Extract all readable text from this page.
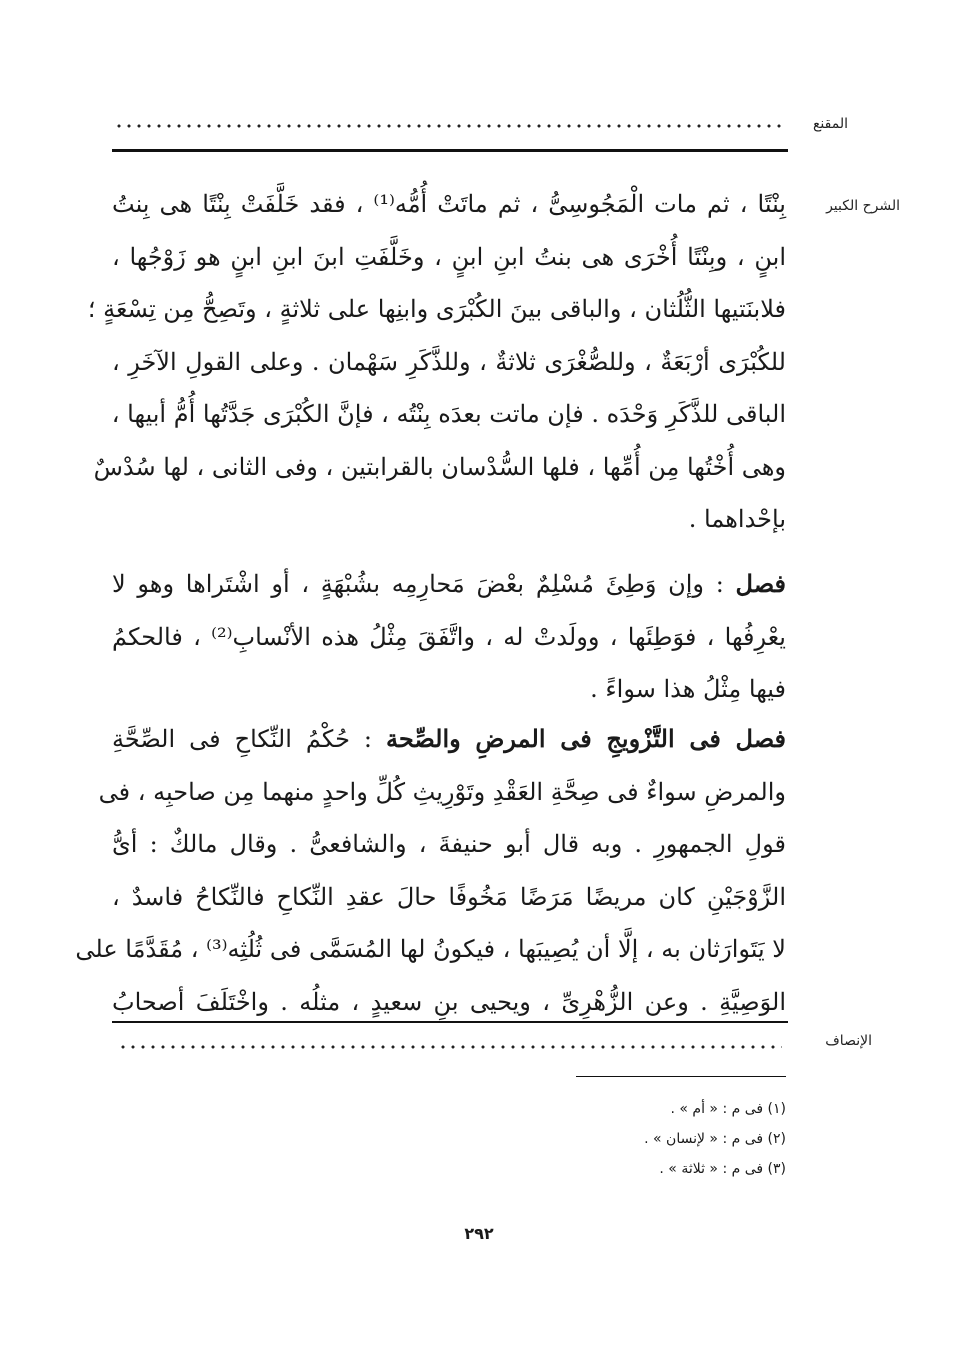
المقنع
الشرح الكبير
بِنْتًا ، ثم مات الْمَجُوسِىُّ ، ثم ماتَتْ أُمُّه⁽¹⁾ ، فقد خَلَّفَتْ بِنْتًا هى بِنتُ
ابنٍ ، وبِنْتًا أُخْرَى هى بنتُ ابنِ ابنٍ ، وخَلَّفَتِ ابنَ ابنِ ابنٍ هو زَوْجُها ،
فلابنَتيها الثُّلُثان ، والباقى بينَ الكُبْرَى وابنِها على ثلاثةٍ ، وتَصِحُّ مِن تِسْعَةٍ ؛
للكُبْرَى أرْبَعَةٌ ، وللصُّغْرَى ثلاثةٌ ، وللذَّكَرِ سَهْمان . وعلى القولِ الآخَرِ ،
الباقى للذَّكَرِ وَحْدَه . فإن ماتت بعدَه بِنْتُه ، فإنَّ الكُبْرَى جَدَّتُها أُمُّ أبيها ،
وهى أُخْتُها مِن أُمِّها ، فلها السُّدْسان بالقرابتين ، وفى الثانى ، لها سُدْسٌ
بإحْداهما .
فصل : وإن وَطِئَ مُسْلِمٌ بعْضَ مَحارِمِه بشُبْهَةٍ ، أو اشْتَراها وهو لا
يعْرِفُها ، فوَطِئَها ، وولَدتْ له ، واتَّفَقَ مِثْلُ هذه الأنْسابِ⁽²⁾ ، فالحكمُ
فيها مِثْلُ هذا سواءً .
فصل فى التَّزْويجِ فى المرضِ والصِّحة : حُكْمُ النِّكاحِ فى الصِّحَّةِ
والمرضِ سواءٌ فى صِحَّةِ العَقْدِ وتَوْرِيثِ كُلِّ واحدٍ منهما مِن صاحبِه ، فى
قولِ الجمهورِ . وبه قال أبو حنيفةَ ، والشافعىُّ . وقال مالكٌ : أىُّ
الزَّوْجَيْنِ كان مريضًا مَرَضًا مَخُوفًا حالَ عقدِ النِّكاحِ فالنِّكاحُ فاسدٌ ،
لا يَتَوارَثان به ، إلَّا أن يُصِيبَها ، فيكونُ لها المُسَمَّى فى ثُلُثِه⁽³⁾ ، مُقَدَّمًا على
الوَصِيَّةِ . وعن الزُّهْرِىِّ ، ويحيى بنِ سعيدٍ ، مثلُه . واخْتَلَفَ أصحابُ
الإنصاف
(١) فى م : « أم » .
(٢) فى م : « لإنسان » .
(٣) فى م : « ثلاثة » .
٢٩٢
